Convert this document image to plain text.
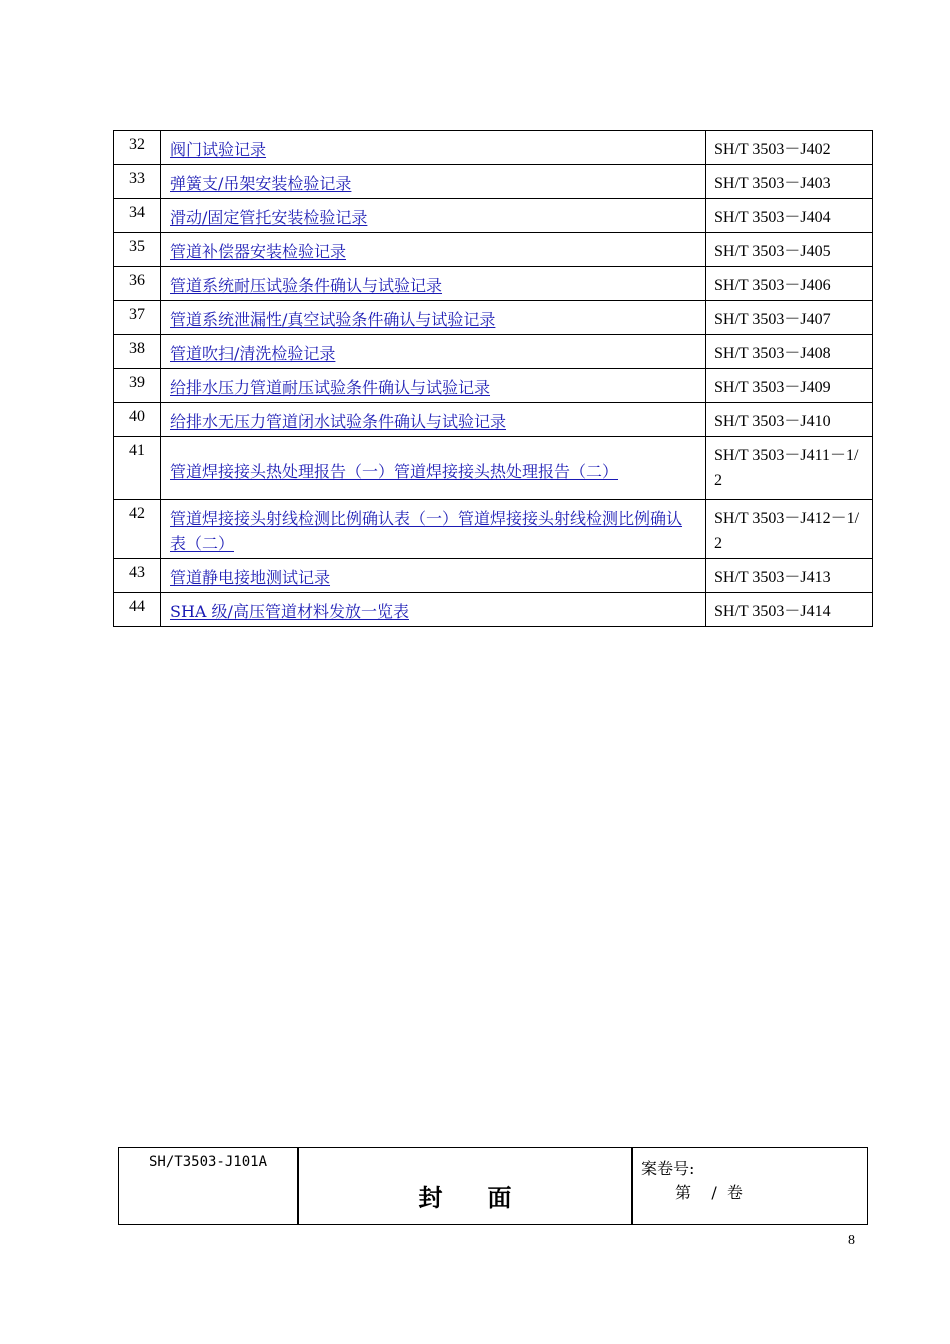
32	阀门试验记录	SH/T 3503－J402
33	弹簧支/吊架安装检验记录	SH/T 3503－J403
34	滑动/固定管托安装检验记录	SH/T 3503－J404
35	管道补偿器安装检验记录	SH/T 3503－J405
36	管道系统耐压试验条件确认与试验记录	SH/T 3503－J406
37	管道系统泄漏性/真空试验条件确认与试验记录	SH/T 3503－J407
38	管道吹扫/清洗检验记录	SH/T 3503－J408
39	给排水压力管道耐压试验条件确认与试验记录	SH/T 3503－J409
40	给排水无压力管道闭水试验条件确认与试验记录	SH/T 3503－J410
41	管道焊接接头热处理报告（一）管道焊接接头热处理报告（二）	SH/T 3503－J411－1/2
42	管道焊接接头射线检测比例确认表（一）管道焊接接头射线检测比例确认表（二）	SH/T 3503－J412－1/2
43	管道静电接地测试记录	SH/T 3503－J413
44	SHA 级/高压管道材料发放一览表	SH/T 3503－J414
SH/T3503-J101A
封面
案卷号:
第    /  卷
8
